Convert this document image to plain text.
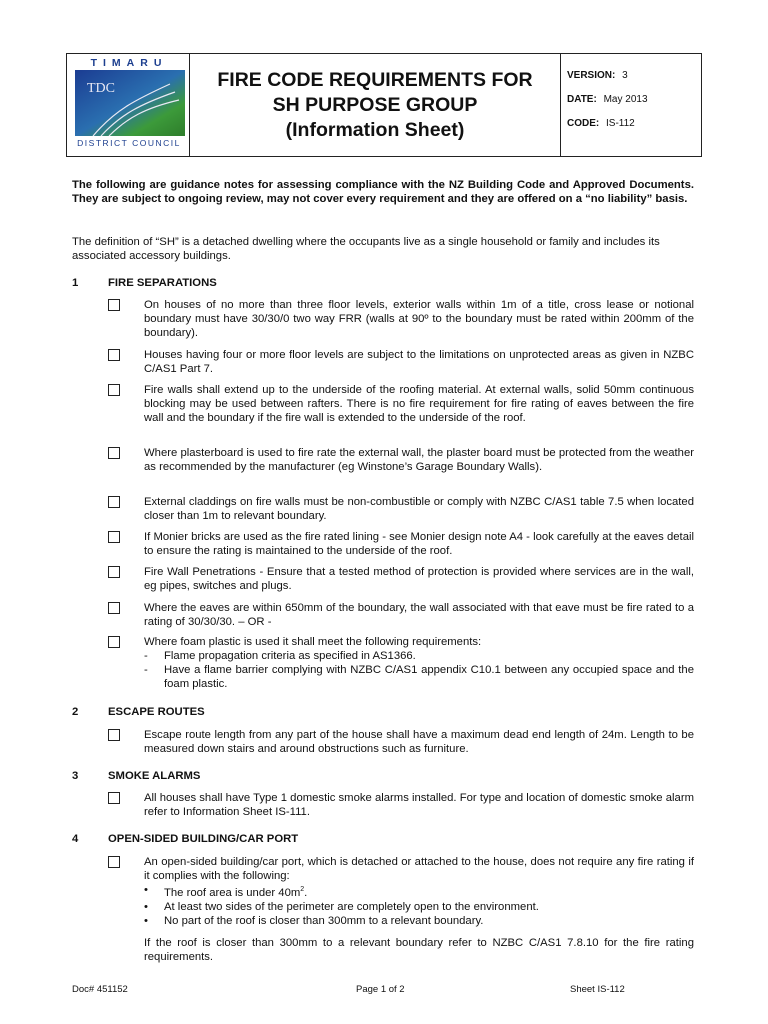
TIMARU
TDC
DISTRICT COUNCIL
FIRE CODE REQUIREMENTS FOR
SH PURPOSE GROUP
(Information Sheet)
VERSION: 3
DATE: May 2013
CODE: IS-112
The following are guidance notes for assessing compliance with the NZ Building Code and Approved Documents. They are subject to ongoing review, may not cover every requirement and they are offered on a “no liability” basis.
The definition of “SH” is a detached dwelling where the occupants live as a single household or family and includes its associated accessory buildings.
1	FIRE SEPARATIONS
On houses of no more than three floor levels, exterior walls within 1m of a title, cross lease or notional boundary must have 30/30/0 two way FRR (walls at 90º to the boundary must be rated within 200mm of the boundary).
Houses having four or more floor levels are subject to the limitations on unprotected areas as given in NZBC C/AS1 Part 7.
Fire walls shall extend up to the underside of the roofing material. At external walls, solid 50mm continuous blocking may be used between rafters. There is no fire requirement for fire rating of eaves between the fire wall and the boundary if the fire wall is extended to the underside of the roof.
Where plasterboard is used to fire rate the external wall, the plaster board must be protected from the weather as recommended by the manufacturer (eg Winstone’s Garage Boundary Walls).
External claddings on fire walls must be non-combustible or comply with NZBC C/AS1 table 7.5 when located closer than 1m to relevant boundary.
If Monier bricks are used as the fire rated lining - see Monier design note A4 - look carefully at the eaves detail to ensure the rating is maintained to the underside of the roof.
Fire Wall Penetrations - Ensure that a tested method of protection is provided where services are in the wall, eg pipes, switches and plugs.
Where the eaves are within 650mm of the boundary, the wall associated with that eave must be fire rated to a rating of 30/30/30. – OR -
Where foam plastic is used it shall meet the following requirements:
- Flame propagation criteria as specified in AS1366.
- Have a flame barrier complying with NZBC C/AS1 appendix C10.1 between any occupied space and the foam plastic.
2	ESCAPE ROUTES
Escape route length from any part of the house shall have a maximum dead end length of 24m. Length to be measured down stairs and around obstructions such as furniture.
3	SMOKE ALARMS
All houses shall have Type 1 domestic smoke alarms installed. For type and location of domestic smoke alarm refer to Information Sheet IS-111.
4	OPEN-SIDED BUILDING/CAR PORT
An open-sided building/car port, which is detached or attached to the house, does not require any fire rating if it complies with the following:
• The roof area is under $40m^2$.
• At least two sides of the perimeter are completely open to the environment.
• No part of the roof is closer than 300mm to a relevant boundary.
If the roof is closer than 300mm to a relevant boundary refer to NZBC C/AS1 7.8.10 for the fire rating requirements.
Doc# 451152	Page 1 of 2	Sheet IS-112
